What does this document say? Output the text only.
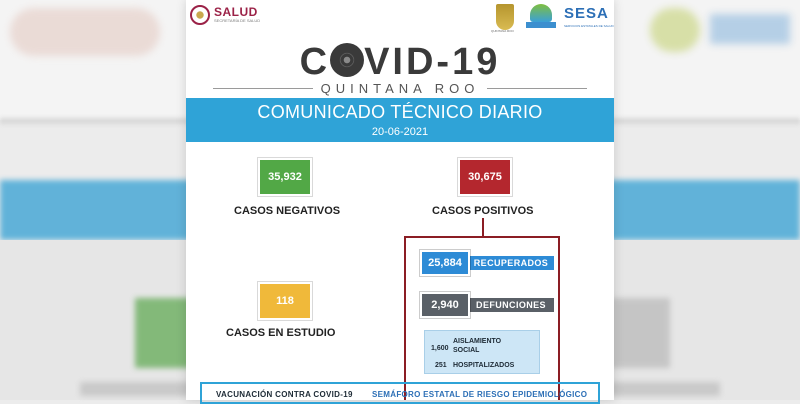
SALUD
SECRETARÍA DE SALUD
QUINTANA ROO
SESA
SERVICIOS ESTATALES DE SALUD
C VID-19
QUINTANA ROO
COMUNICADO TÉCNICO DIARIO
20-06-2021
35,932
CASOS NEGATIVOS
30,675
CASOS POSITIVOS
118
CASOS EN ESTUDIO
25,884	RECUPERADOS
2,940	DEFUNCIONES
1,600
AISLAMIENTO SOCIAL
251 HOSPITALIZADOS
VACUNACIÓN CONTRA COVID-19 SEMÁFORO ESTATAL DE RIESGO EPIDEMIOLÓGICO
